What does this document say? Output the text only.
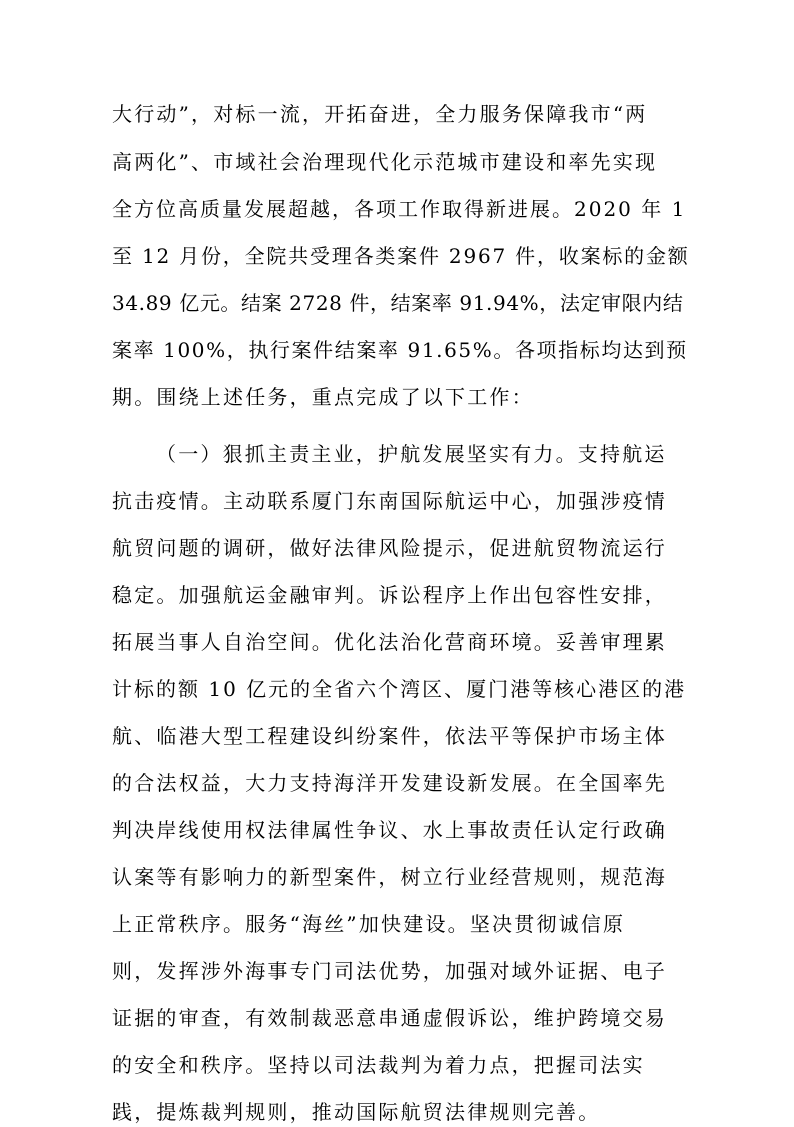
大行动”，对标一流，开拓奋进，全力服务保障我市“两
高两化”、市域社会治理现代化示范城市建设和率先实现
全方位高质量发展超越，各项工作取得新进展。2020 年 1
至 12 月份，全院共受理各类案件 2967 件，收案标的金额
34.89 亿元。结案 2728 件，结案率 91.94%，法定审限内结
案率 100%，执行案件结案率 91.65%。各项指标均达到预
期。围绕上述任务，重点完成了以下工作：
（一）狠抓主责主业，护航发展坚实有力。支持航运
抗击疫情。主动联系厦门东南国际航运中心，加强涉疫情
航贸问题的调研，做好法律风险提示，促进航贸物流运行
稳定。加强航运金融审判。诉讼程序上作出包容性安排，
拓展当事人自治空间。优化法治化营商环境。妥善审理累
计标的额 10 亿元的全省六个湾区、厦门港等核心港区的港
航、临港大型工程建设纠纷案件，依法平等保护市场主体
的合法权益，大力支持海洋开发建设新发展。在全国率先
判决岸线使用权法律属性争议、水上事故责任认定行政确
认案等有影响力的新型案件，树立行业经营规则，规范海
上正常秩序。服务“海丝”加快建设。坚决贯彻诚信原
则，发挥涉外海事专门司法优势，加强对域外证据、电子
证据的审查，有效制裁恶意串通虚假诉讼，维护跨境交易
的安全和秩序。坚持以司法裁判为着力点，把握司法实
践，提炼裁判规则，推动国际航贸法律规则完善。
